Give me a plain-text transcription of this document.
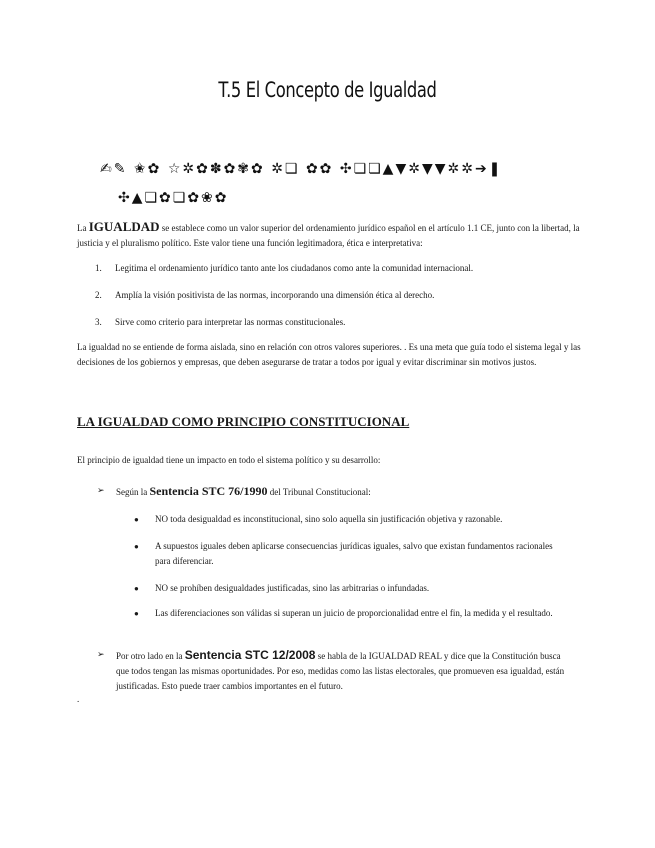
T.5 El Concepto de Igualdad
✍✎ ✬✿ ☆✲✿✽✿✾✿ ✲❏ ✿✿ ✣❏❏▲▼✲▼▼✲✲➔❚
✣▲❏✿❏✿❀✿

La IGUALDAD se establece como un valor superior del ordenamiento jurídico español en el artículo 1.1 CE, junto con la libertad, la justicia y el pluralismo político. Este valor tiene una función legitimadora, ética e interpretativa:

1. Legitima el ordenamiento jurídico tanto ante los ciudadanos como ante la comunidad internacional.
2. Amplía la visión positivista de las normas, incorporando una dimensión ética al derecho.
3. Sirve como criterio para interpretar las normas constitucionales.

La igualdad no se entiende de forma aislada, sino en relación con otros valores superiores. . Es una meta que guía todo el sistema legal y las decisiones de los gobiernos y empresas, que deben asegurarse de tratar a todos por igual y evitar discriminar sin motivos justos.

LA IGUALDAD COMO PRINCIPIO CONSTITUCIONAL

El principio de igualdad tiene un impacto en todo el sistema político y su desarrollo:

➢ Según la Sentencia STC 76/1990 del Tribunal Constitucional:
● NO toda desigualdad es inconstitucional, sino solo aquella sin justificación objetiva y razonable.
● A supuestos iguales deben aplicarse consecuencias jurídicas iguales, salvo que existan fundamentos racionales para diferenciar.
● NO se prohíben desigualdades justificadas, sino las arbitrarias o infundadas.
● Las diferenciaciones son válidas si superan un juicio de proporcionalidad entre el fin, la medida y el resultado.
➢ Por otro lado en la Sentencia STC 12/2008 se habla de la IGUALDAD REAL y dice que la Constitución busca que todos tengan las mismas oportunidades. Por eso, medidas como las listas electorales, que promueven esa igualdad, están justificadas. Esto puede traer cambios importantes en el futuro.
.
